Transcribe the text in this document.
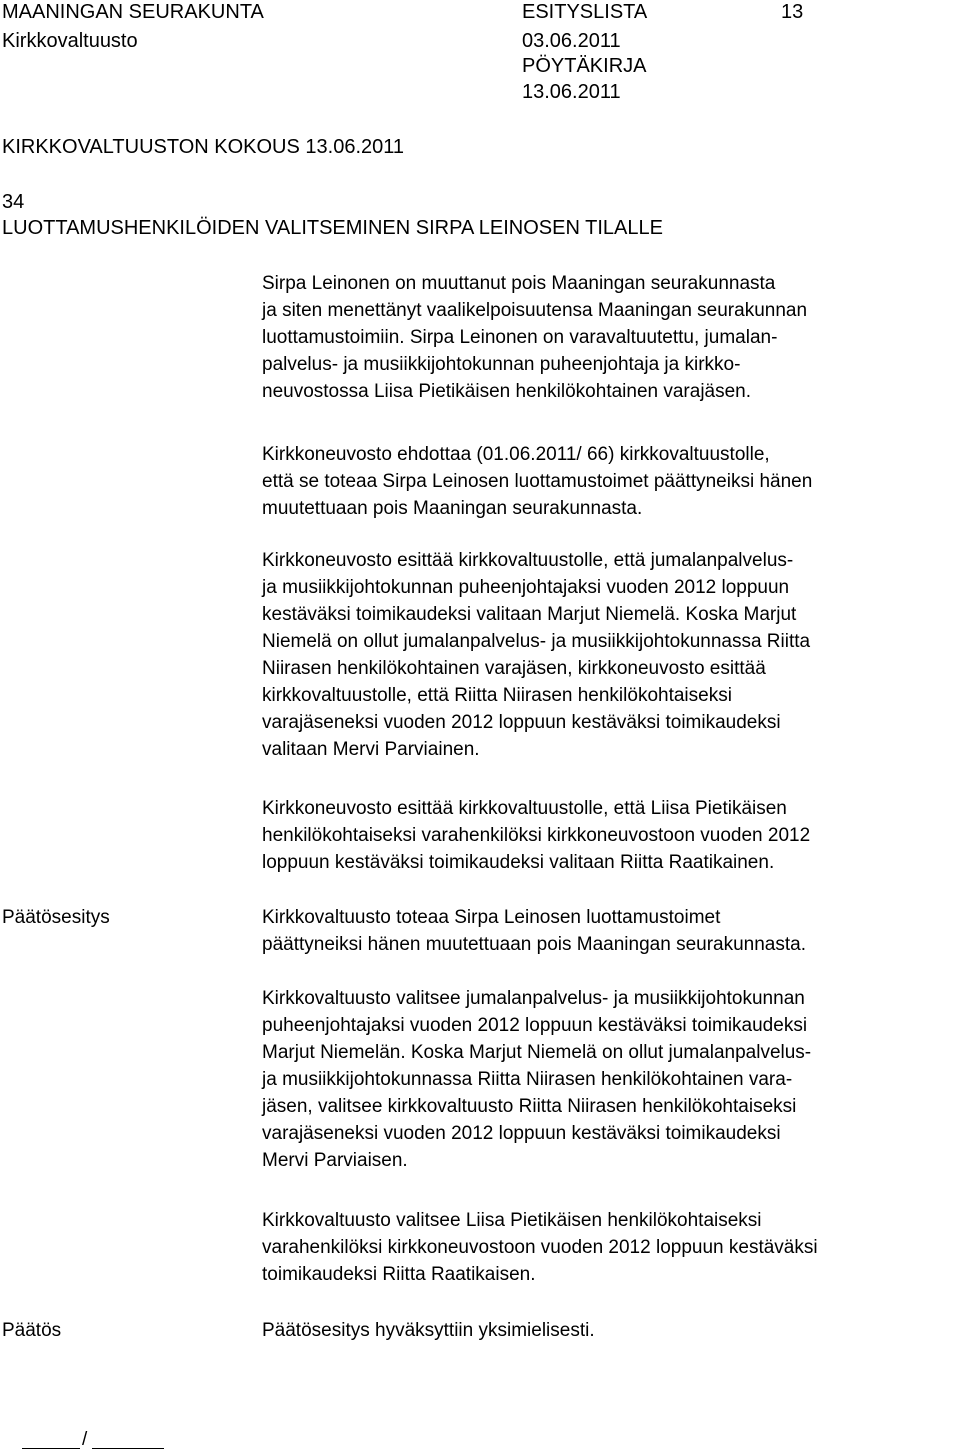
MAANINGAN SEURAKUNTA
Kirkkovaltuusto
ESITYSLISTA	13
03.06.2011
PÖYTÄKIRJA
13.06.2011
KIRKKOVALTUUSTON KOKOUS 13.06.2011
34
LUOTTAMUSHENKILÖIDEN VALITSEMINEN SIRPA LEINOSEN TILALLE
Sirpa Leinonen on muuttanut pois Maaningan seurakunnasta
ja siten menettänyt vaalikelpoisuutensa Maaningan seurakunnan
luottamustoimiin. Sirpa Leinonen on varavaltuutettu, jumalan-
palvelus- ja musiikkijohtokunnan puheenjohtaja ja kirkko-
neuvostossa Liisa Pietikäisen henkilökohtainen varajäsen.
Kirkkoneuvosto ehdottaa (01.06.2011/ 66) kirkkovaltuustolle,
että se toteaa Sirpa Leinosen luottamustoimet päättyneiksi hänen
muutettuaan pois Maaningan seurakunnasta.
Kirkkoneuvosto esittää kirkkovaltuustolle, että jumalanpalvelus-
ja musiikkijohtokunnan puheenjohtajaksi vuoden 2012 loppuun
kestäväksi toimikaudeksi valitaan Marjut Niemelä. Koska Marjut
Niemelä on ollut jumalanpalvelus- ja musiikkijohtokunnassa Riitta
Niirasen henkilökohtainen varajäsen, kirkkoneuvosto esittää
kirkkovaltuustolle, että Riitta Niirasen henkilökohtaiseksi
varajäseneksi vuoden 2012 loppuun kestäväksi toimikaudeksi
valitaan Mervi Parviainen.
Kirkkoneuvosto esittää kirkkovaltuustolle, että Liisa Pietikäisen
henkilökohtaiseksi varahenkilöksi kirkkoneuvostoon vuoden 2012
loppuun kestäväksi toimikaudeksi valitaan Riitta Raatikainen.
Päätösesitys	Kirkkovaltuusto toteaa Sirpa Leinosen luottamustoimet
päättyneiksi hänen muutettuaan pois Maaningan seurakunnasta.
Kirkkovaltuusto valitsee jumalanpalvelus- ja musiikkijohtokunnan
puheenjohtajaksi vuoden 2012 loppuun kestäväksi toimikaudeksi
Marjut Niemelän. Koska Marjut Niemelä on ollut jumalanpalvelus-
ja musiikkijohtokunnassa Riitta Niirasen henkilökohtainen vara-
jäsen, valitsee kirkkovaltuusto Riitta Niirasen henkilökohtaiseksi
varajäseneksi vuoden 2012 loppuun kestäväksi toimikaudeksi
Mervi Parviaisen.
Kirkkovaltuusto valitsee Liisa Pietikäisen henkilökohtaiseksi
varahenkilöksi kirkkoneuvostoon vuoden 2012 loppuun kestäväksi
toimikaudeksi Riitta Raatikaisen.
Päätös	Päätösesitys hyväksyttiin yksimielisesti.
/
